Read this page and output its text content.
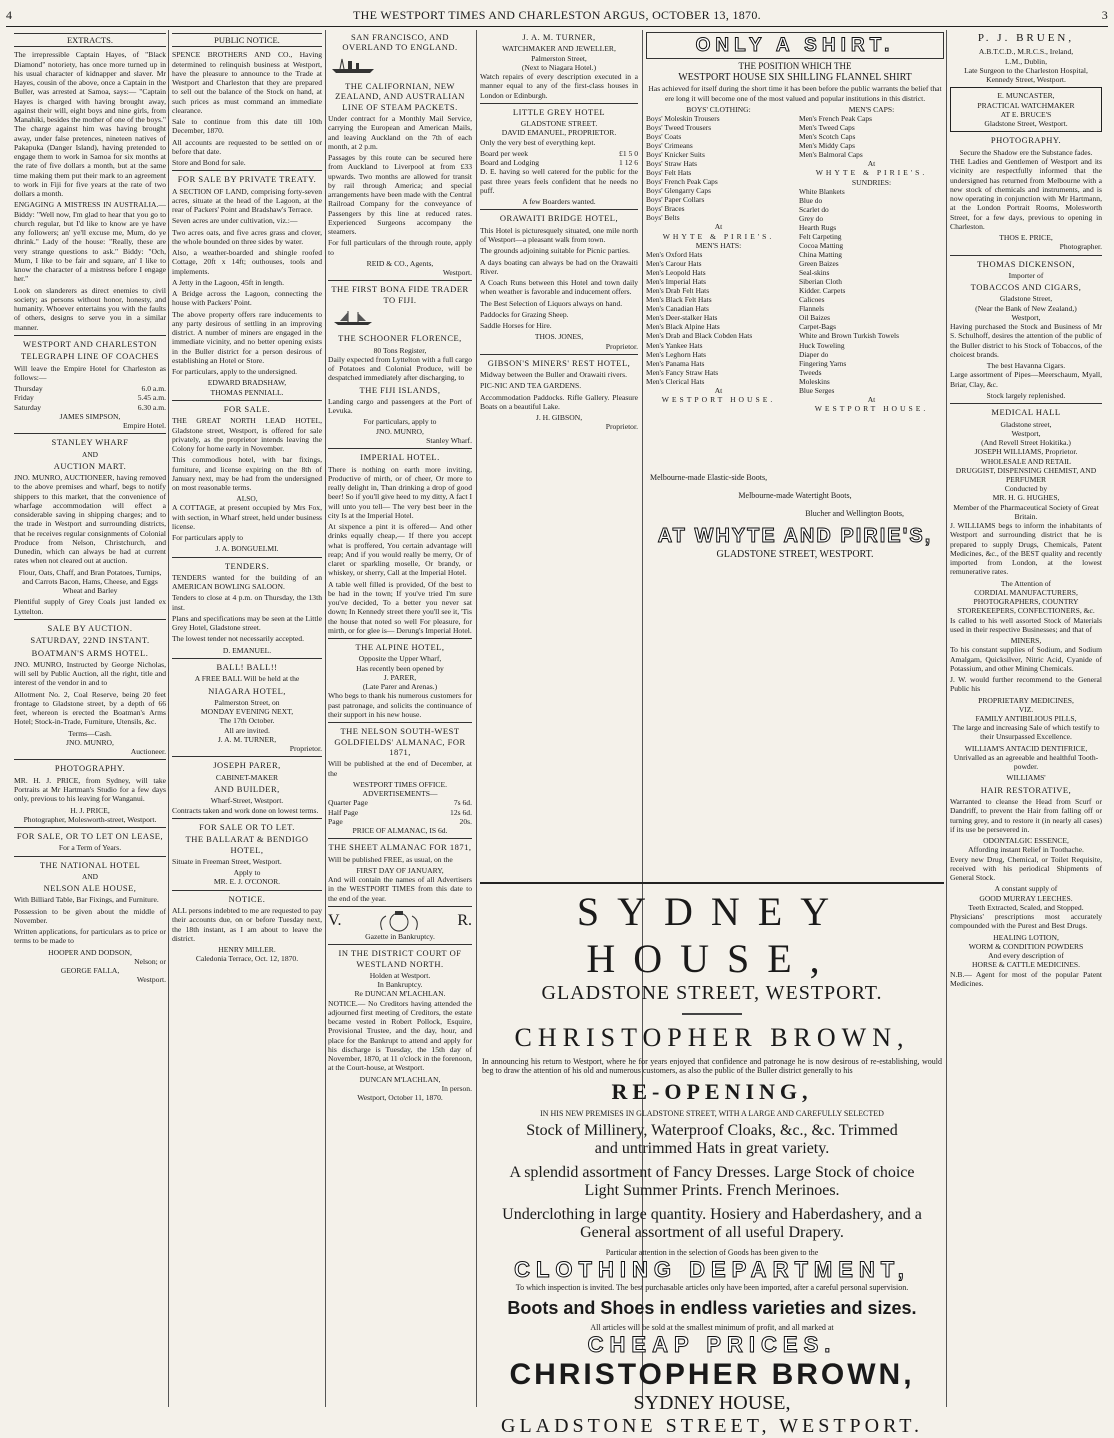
4	THE WESTPORT TIMES AND CHARLESTON ARGUS, OCTOBER 13, 1870.	3
EXTRACTS.

The irrepressible Captain Hayes, of "Black Diamond" notoriety, has once more turned up in his usual character of kidnapper and slaver. Mr Hayes, cousin of the above, once a Captain in the Buller, was arrested at Samoa, says:— "Captain Hayes is charged with having brought away, against their will, eight boys and nine girls, from Manahiki, besides the mother of one of the boys." The charge against him was having brought away, under false pretences, nineteen natives of Pakapuka (Danger Island), having pretended to engage them to work in Samoa for six months at the rate of five dollars a month, but at the same time making them put their mark to an agreement to work in Fiji for five years at the rate of two dollars a month.

ENGAGING A MISTRESS IN AUSTRALIA.—Biddy: "Well now, I'm glad to hear that you go to church regular, but I'd like to know are ye have any followers; an' ye'll excuse me, Mum, do ye dhrink." Lady of the house: "Really, these are very strange questions to ask." Biddy: "Och, Mum, I like to be fair and square, an' I like to know the character of a mistress before I engage her."

Look on slanderers as direct enemies to civil society; as persons without honor, honesty, and humanity. Whoever entertains you with the faults of others, designs to serve you in a similar manner.

WESTPORT AND CHARLESTON
TELEGRAPH LINE OF COACHES

Will leave the Empire Hotel for Charleston as follows:—

Thursday	6.0 a.m.
Friday	5.45 a.m.
Saturday	6.30 a.m.
JAMES SIMPSON,
Empire Hotel.
STANLEY WHARF
AND
AUCTION MART.

JNO. MUNRO, AUCTIONEER, having removed to the above premises and wharf, begs to notify shippers to this market, that the convenience of wharfage accommodation will effect a considerable saving in shipping charges; and to the trade in Westport and surrounding districts, that he receives regular consignments of Colonial Produce from Nelson, Christchurch, and Dunedin, which can always be had at current rates when not cleared out at auction.

Flour, Oats, Chaff, and Bran Potatoes, Turnips, and Carrots Bacon, Hams, Cheese, and Eggs Wheat and Barley

Plentiful supply of Grey Coals just landed ex Lyttelton.

SALE BY AUCTION.
SATURDAY, 22ND INSTANT.
BOATMAN'S ARMS HOTEL.

JNO. MUNRO, Instructed by George Nicholas, will sell by Public Auction, all the right, title and interest of the vendor in and to

Allotment No. 2, Coal Reserve, being 20 feet frontage to Gladstone street, by a depth of 66 feet, whereon is erected the Boatman's Arms Hotel; Stock-in-Trade, Furniture, Utensils, &c.

Terms—Cash.
JNO. MUNRO,
Auctioneer.
PHOTOGRAPHY.

MR. H. J. PRICE, from Sydney, will take Portraits at Mr Hartman's Studio for a few days only, previous to his leaving for Wanganui.

H. J. PRICE,
Photographer, Molesworth-street, Westport.
FOR SALE, OR TO LET ON LEASE,
For a Term of Years.
THE NATIONAL HOTEL
AND
NELSON ALE HOUSE,

With Billiard Table, Bar Fixings, and Furniture.

Possession to be given about the middle of November.

Written applications, for particulars as to price or terms to be made to

HOOPER AND DODSON,
Nelson; or
GEORGE FALLA,
Westport.
PUBLIC NOTICE.

SPENCE BROTHERS AND CO., Having determined to relinquish business at Westport, have the pleasure to announce to the Trade at Westport and Charleston that they are prepared to sell out the balance of the Stock on hand, at such prices as must command an immediate clearance.

Sale to continue from this date till 10th December, 1870.

All accounts are requested to be settled on or before that date.

Store and Bond for sale.

FOR SALE BY PRIVATE TREATY.

A SECTION OF LAND, comprising forty-seven acres, situate at the head of the Lagoon, at the rear of Packers' Point and Bradshaw's Terrace.

Seven acres are under cultivation, viz.:—

Two acres oats, and five acres grass and clover, the whole bounded on three sides by water.

Also, a weather-boarded and shingle roofed Cottage, 20ft x 14ft; outhouses, tools and implements.

A Jetty in the Lagoon, 45ft in length.

A Bridge across the Lagoon, connecting the house with Packers' Point.

The above property offers rare inducements to any party desirous of settling in an improving district. A number of miners are engaged in the immediate vicinity, and no better opening exists in the Buller district for a person desirous of establishing an Hotel or Store.

For particulars, apply to the undersigned.

EDWARD BRADSHAW,
THOMAS PENNIALL.
FOR SALE.

THE GREAT NORTH LEAD HOTEL, Gladstone street, Westport, is offered for sale privately, as the proprietor intends leaving the Colony for home early in November.

This commodious hotel, with bar fixings, furniture, and license expiring on the 8th of January next, may be had from the undersigned on most reasonable terms.

ALSO,

A COTTAGE, at present occupied by Mrs Fox, with section, in Wharf street, held under business license.

For particulars apply to

J. A. BONGUELMI.
TENDERS.

TENDERS wanted for the building of an AMERICAN BOWLING SALOON.

Tenders to close at 4 p.m. on Thursday, the 13th inst.

Plans and specifications may be seen at the Little Grey Hotel, Gladstone street.

The lowest tender not necessarily accepted.

D. EMANUEL.
BALL! BALL!!
A FREE BALL Will be held at the
NIAGARA HOTEL,
Palmerston Street, on
MONDAY EVENING NEXT,
The 17th October.
All are invited.
J. A. M. TURNER,
Proprietor.
JOSEPH PARER,
CABINET-MAKER
AND BUILDER,
Wharf-Street, Westport.

Contracts taken and work done on lowest terms.

FOR SALE OR TO LET.
THE BALLARAT & BENDIGO HOTEL,

Situate in Freeman Street, Westport.

Apply to
MR. E. J. O'CONOR.
NOTICE.

ALL persons indebted to me are requested to pay their accounts due, on or before Tuesday next, the 18th instant, as I am about to leave the district.

HENRY MILLER.
Caledonia Terrace, Oct. 12, 1870.
SAN FRANCISCO, AND OVERLAND TO ENGLAND.
THE CALIFORNIAN, NEW ZEALAND, AND AUSTRALIAN LINE OF STEAM PACKETS.

Under contract for a Monthly Mail Service, carrying the European and American Mails, and leaving Auckland on the 7th of each month, at 2 p.m.

Passages by this route can be secured here from Auckland to Liverpool at from £33 upwards. Two months are allowed for transit by rail through America; and special arrangements have been made with the Central Railroad Company for the conveyance of Passengers by this line at reduced rates. Experienced Surgeons accompany the steamers.

For full particulars of the through route, apply to

REID & CO., Agents,
Westport.
THE FIRST BONA FIDE TRADER TO FIJI.
THE SCHOONER FLORENCE,
80 Tons Register,

Daily expected from Lyttelton with a full cargo of Potatoes and Colonial Produce, will be despatched immediately after discharging, to

THE FIJI ISLANDS,

Landing cargo and passengers at the Port of Levuka.

For particulars, apply to
JNO. MUNRO,
Stanley Wharf.
IMPERIAL HOTEL.

There is nothing on earth more inviting, Productive of mirth, or of cheer, Or more to really delight in, Than drinking a drop of good beer! So if you'll give heed to my ditty, A fact I will unto you tell— The very best beer in the city Is at the Imperial Hotel.

At sixpence a pint it is offered— And other drinks equally cheap,— If there you accept what is proffered, You certain advantage will reap; And if you would really be merry, Or of claret or sparkling moselle, Or brandy, or whiskey, or sherry, Call at the Imperial Hotel.

A table well filled is provided, Of the best to be had in the town; If you've tried I'm sure you've decided, To a better you never sat down; In Kennedy street there you'll see it, 'Tis the house that noted so well For pleasure, for mirth, or for glee is— Derung's Imperial Hotel.

THE ALPINE HOTEL,
Opposite the Upper Wharf,
Has recently been opened by
J. PARER,
(Late Parer and Arenas.)

Who begs to thank his numerous customers for past patronage, and solicits the continuance of their support in his new house.

THE NELSON SOUTH-WEST GOLDFIELDS' ALMANAC, FOR 1871,

Will be published at the end of December, at the

WESTPORT TIMES OFFICE.
ADVERTISEMENTS—
Quarter Page	7s 6d.
Half Page	12s 6d.
Page	20s.
PRICE OF ALMANAC, IS 6d.
THE SHEET ALMANAC FOR 1871,

Will be published FREE, as usual, on the

FIRST DAY OF JANUARY,

And will contain the names of all Advertisers in the WESTPORT TIMES from this date to the end of the year.

V.	R.
Gazette in Bankruptcy.
IN THE DISTRICT COURT OF WESTLAND NORTH.
Holden at Westport.
In Bankruptcy.
Re DUNCAN M'LACHLAN.

NOTICE.— No Creditors having attended the adjourned first meeting of Creditors, the estate became vested in Robert Pollock, Esquire, Provisional Trustee, and the day, hour, and place for the Bankrupt to attend and apply for his discharge is Tuesday, the 15th day of November, 1870, at 11 o'clock in the forenoon, at the Court-house, at Westport.

DUNCAN M'LACHLAN,
In person.
Westport, October 11, 1870.
J. A. M. TURNER,
WATCHMAKER AND JEWELLER,
Palmerston Street,
(Next to Niagara Hotel.)

Watch repairs of every description executed in a manner equal to any of the first-class houses in London or Edinburgh.

LITTLE GREY HOTEL
GLADSTONE STREET.
DAVID EMANUEL, PROPRIETOR.

Only the very best of everything kept.

Board per week	£1 5 0
Board and Lodging	1 12 6

D. E. having so well catered for the public for the past three years feels confident that he needs no puff.

A few Boarders wanted.
ORAWAITI BRIDGE HOTEL,

This Hotel is picturesquely situated, one mile north of Westport—a pleasant walk from town.

The grounds adjoining suitable for Picnic parties.

A days boating can always be had on the Orawaiti River.

A Coach Runs between this Hotel and town daily when weather is favorable and inducement offers.

The Best Selection of Liquors always on hand.

Paddocks for Grazing Sheep.

Saddle Horses for Hire.

THOS. JONES,
Proprietor.
GIBSON'S MINERS' REST HOTEL,

Midway between the Buller and Orawaiti rivers.

PIC-NIC AND TEA GARDENS.

Accommodation Paddocks. Rifle Gallery. Pleasure Boats on a beautiful Lake.

J. H. GIBSON,
Proprietor.
ONLY A SHIRT.
THE POSITION WHICH THE
WESTPORT HOUSE SIX SHILLING FLANNEL SHIRT

Has achieved for itself during the short time it has been before the public warrants the belief that ere long it will become one of the most valued and popular institutions in this district.

BOYS' CLOTHING:
Boys' Moleskin Trousers
Boys' Tweed Trousers
Boys' Coats
Boys' Crimeans
Boys' Knicker Suits
Boys' Straw Hats
Boys' Felt Hats
Boys' French Peak Caps
Boys' Glengarry Caps
Boys' Paper Collars
Boys' Braces
Boys' Belts
At
WHYTE & PIRIE'S.
MEN'S HATS:
Men's Oxford Hats
Men's Carour Hats
Men's Leopold Hats
Men's Imperial Hats
Men's Drab Felt Hats
Men's Black Felt Hats
Men's Canadian Hats
Men's Deer-stalker Hats
Men's Black Alpine Hats
Men's Drab and Black Cobden Hats
Men's Yankee Hats
Men's Leghorn Hats
Men's Panama Hats
Men's Fancy Straw Hats
Men's Clerical Hats
At
WESTPORT HOUSE.
MEN'S CAPS:
Men's French Peak Caps
Men's Tweed Caps
Men's Scotch Caps
Men's Middy Caps
Men's Balmoral Caps
At
WHYTE & PIRIE'S.
SUNDRIES:
White Blankets
Blue do
Scarlet do
Grey do
Hearth Rugs
Felt Carpeting
Cocoa Matting
China Matting
Green Baizes
Seal-skins
Siberian Cloth
Kidder. Carpets
Calicoes
Flannels
Oil Baizes
Carpet-Bags
White and Brown Turkish Towels
Huck Toweling
Diaper do
Fingering Yarns
Tweeds
Moleskins
Blue Serges
At
WESTPORT HOUSE.
Melbourne-made Elastic-side Boots,
Melbourne-made Watertight Boots,
Blucher and Wellington Boots,
AT WHYTE AND PIRIE'S,
GLADSTONE STREET, WESTPORT.
SYDNEY HOUSE,
GLADSTONE STREET, WESTPORT.
CHRISTOPHER BROWN,

In announcing his return to Westport, where he for years enjoyed that confidence and patronage he is now desirous of re-establishing, would beg to draw the attention of his old and numerous customers, as also the public of the Buller district generally to his

RE-OPENING,
IN HIS NEW PREMISES IN GLADSTONE STREET, WITH A LARGE AND CAREFULLY SELECTED
Stock of Millinery, Waterproof Cloaks, &c., &c. Trimmed
and untrimmed Hats in great variety.
A splendid assortment of Fancy Dresses. Large Stock of choice
Light Summer Prints. French Merinoes.
Underclothing in large quantity. Hosiery and Haberdashery, and a
General assortment of all useful Drapery.
Particular attention in the selection of Goods has been given to the
CLOTHING DEPARTMENT,
To which inspection is invited. The best purchasable articles only have been imported, after a careful personal supervision.
Boots and Shoes in endless varieties and sizes.
All articles will be sold at the smallest minimum of profit, and all marked at
CHEAP PRICES.
CHRISTOPHER BROWN,
SYDNEY HOUSE,
GLADSTONE STREET, WESTPORT.
P. J. BRUEN,
A.B.T.C.D., M.R.C.S., Ireland,
L.M., Dublin,
Late Surgeon to the Charleston Hospital,
Kennedy Street, Westport.
E. MUNCASTER,
PRACTICAL WATCHMAKER
AT E. BRUCE'S
Gladstone Street, Westport.
PHOTOGRAPHY.
Secure the Shadow ere the Substance fades.

THE Ladies and Gentlemen of Westport and its vicinity are respectfully informed that the undersigned has returned from Melbourne with a new stock of chemicals and instruments, and is now operating in conjunction with Mr Hartmann, at the London Portrait Rooms, Molesworth Street, for a few days, previous to opening in Charleston.

THOS E. PRICE,
Photographer.
THOMAS DICKENSON,
Importer of
TOBACCOS AND CIGARS,
Gladstone Street,
(Near the Bank of New Zealand,)
Westport,

Having purchased the Stock and Business of Mr S. Schulhoff, desires the attention of the public of the Buller district to his Stock of Tobaccos, of the choicest brands.

The best Havanna Cigars.

Large assortment of Pipes—Meerschaum, Myall, Briar, Clay, &c.

Stock largely replenished.
MEDICAL HALL
Gladstone street,
Westport,
(And Revell Street Hokitika.)
JOSEPH WILLIAMS, Proprietor.
WHOLESALE AND RETAIL
DRUGGIST, DISPENSING CHEMIST, AND PERFUMER
Conducted by
MR. H. G. HUGHES,
Member of the Pharmaceutical Society of Great Britain.

J. WILLIAMS begs to inform the inhabitants of Westport and surrounding district that he is prepared to supply Drugs, Chemicals, Patent Medicines, &c., of the BEST quality and recently imported from London, at the lowest remunerative rates.

The Attention of
CORDIAL MANUFACTURERS, PHOTOGRAPHERS, COUNTRY STOREKEEPERS, CONFECTIONERS, &c.

Is called to his well assorted Stock of Materials used in their respective Businesses; and that of

MINERS,

To his constant supplies of Sodium, and Sodium Amalgam, Quicksilver, Nitric Acid, Cyanide of Potassium, and other Mining Chemicals.

J. W. would further recommend to the General Public his

PROPRIETARY MEDICINES,
VIZ.
FAMILY ANTIBILIOUS PILLS,

The large and increasing Sale of which testify to their Unsurpassed Excellence.

WILLIAM'S ANTACID DENTIFRICE,

Unrivalled as an agreeable and healthful Tooth-powder.

WILLIAMS'
HAIR RESTORATIVE,

Warranted to cleanse the Head from Scurf or Dandriff, to prevent the Hair from falling off or turning grey, and to restore it (in nearly all cases) if its use be persevered in.

ODONTALGIC ESSENCE,
Affording instant Relief in Toothache.

Every new Drug, Chemical, or Toilet Requisite, received with his periodical Shipments of General Stock.

A constant supply of
GOOD MURRAY LEECHES.
Teeth Extracted, Scaled, and Stopped.

Physicians' prescriptions most accurately compounded with the Purest and Best Drugs.

HEALING LOTION,
WORM & CONDITION POWDERS
And every description of
HORSE & CATTLE MEDICINES.

N.B.— Agent for most of the popular Patent Medicines.
